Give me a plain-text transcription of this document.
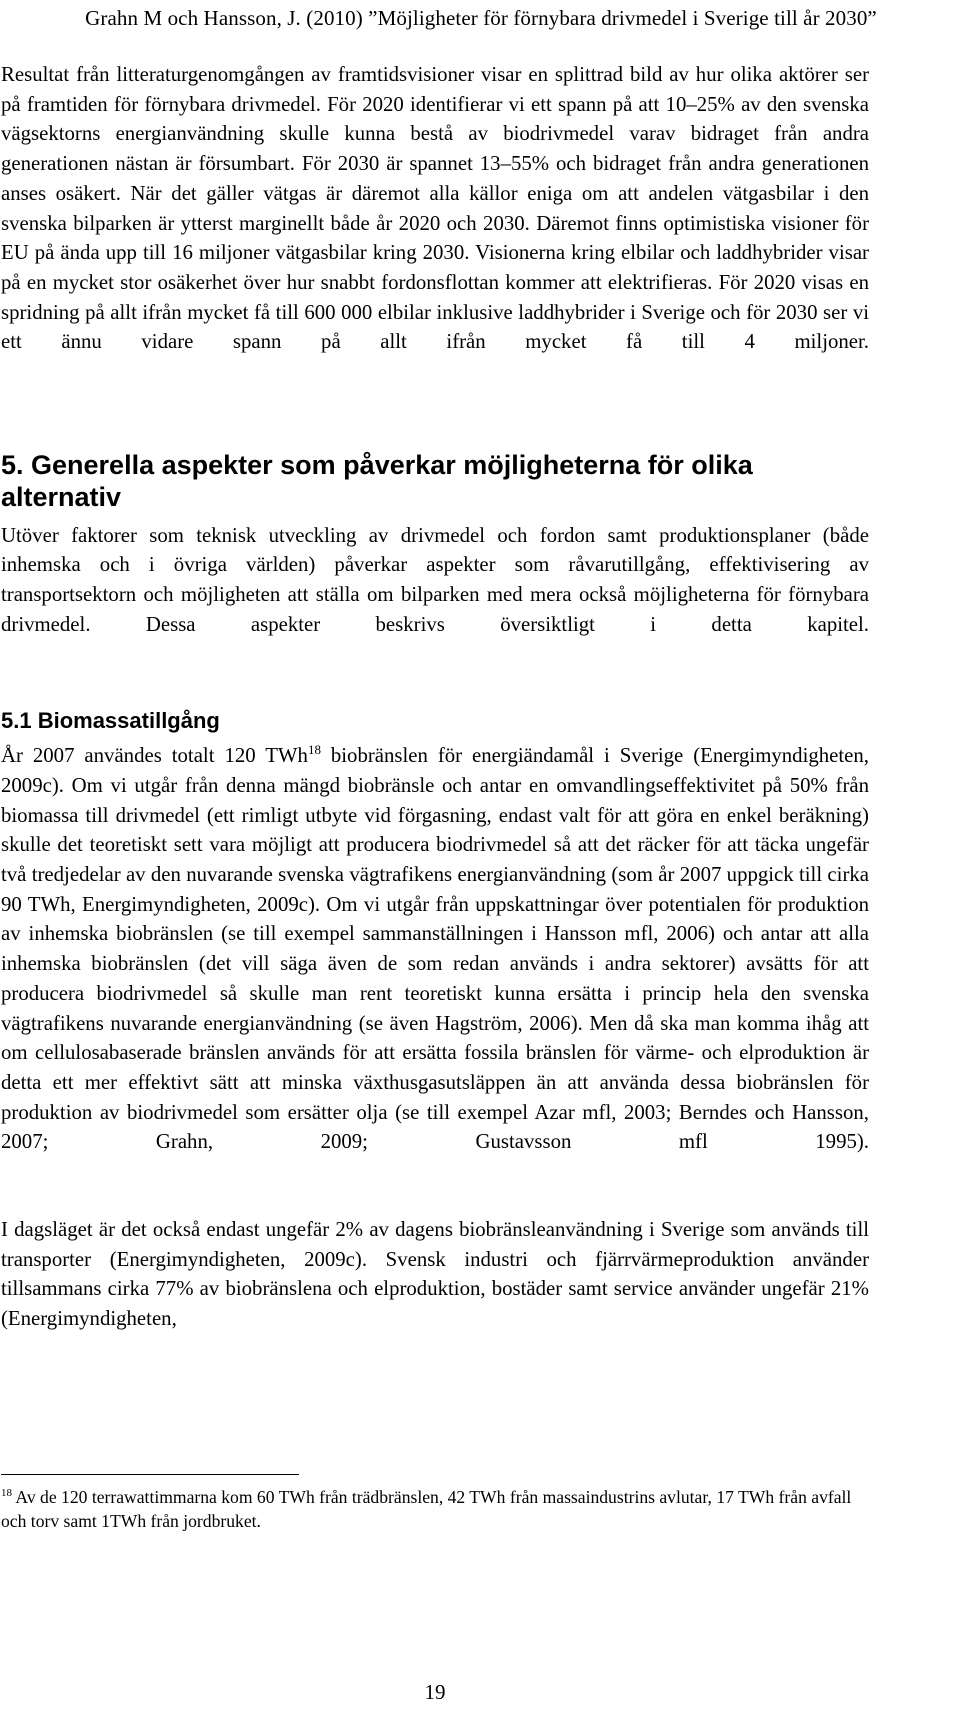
Grahn M och Hansson, J. (2010) ”Möjligheter för förnybara drivmedel i Sverige till år 2030”

Resultat från litteraturgenomgången av framtidsvisioner visar en splittrad bild av hur olika aktörer ser på framtiden för förnybara drivmedel. För 2020 identifierar vi ett spann på att 10–25% av den svenska vägsektorns energianvändning skulle kunna bestå av biodrivmedel varav bidraget från andra generationen nästan är försumbart. För 2030 är spannet 13–55% och bidraget från andra generationen anses osäkert. När det gäller vätgas är däremot alla källor eniga om att andelen vätgasbilar i den svenska bilparken är ytterst marginellt både år 2020 och 2030. Däremot finns optimistiska visioner för EU på ända upp till 16 miljoner vätgasbilar kring 2030. Visionerna kring elbilar och laddhybrider visar på en mycket stor osäkerhet över hur snabbt fordonsflottan kommer att elektrifieras. För 2020 visas en spridning på allt ifrån mycket få till 600 000 elbilar inklusive laddhybrider i Sverige och för 2030 ser vi ett ännu vidare spann på allt ifrån mycket få till 4 miljoner.

5. Generella aspekter som påverkar möjligheterna för olika alternativ

Utöver faktorer som teknisk utveckling av drivmedel och fordon samt produktionsplaner (både inhemska och i övriga världen) påverkar aspekter som råvarutillgång, effektivisering av transportsektorn och möjligheten att ställa om bilparken med mera också möjligheterna för förnybara drivmedel. Dessa aspekter beskrivs översiktligt i detta kapitel.

5.1 Biomassatillgång

År 2007 användes totalt 120 TWh$^{18}$ biobränslen för energiändamål i Sverige (Energimyndigheten, 2009c). Om vi utgår från denna mängd biobränsle och antar en omvandlingseffektivitet på 50% från biomassa till drivmedel (ett rimligt utbyte vid förgasning, endast valt för att göra en enkel beräkning) skulle det teoretiskt sett vara möjligt att producera biodrivmedel så att det räcker för att täcka ungefär två tredjedelar av den nuvarande svenska vägtrafikens energianvändning (som år 2007 uppgick till cirka 90 TWh, Energimyndigheten, 2009c). Om vi utgår från uppskattningar över potentialen för produktion av inhemska biobränslen (se till exempel sammanställningen i Hansson mfl, 2006) och antar att alla inhemska biobränslen (det vill säga även de som redan används i andra sektorer) avsätts för att producera biodrivmedel så skulle man rent teoretiskt kunna ersätta i princip hela den svenska vägtrafikens nuvarande energianvändning (se även Hagström, 2006). Men då ska man komma ihåg att om cellulosabaserade bränslen används för att ersätta fossila bränslen för värme- och elproduktion är detta ett mer effektivt sätt att minska växthusgasutsläppen än att använda dessa biobränslen för produktion av biodrivmedel som ersätter olja (se till exempel Azar mfl, 2003; Berndes och Hansson, 2007; Grahn, 2009; Gustavsson mfl 1995).

I dagsläget är det också endast ungefär 2% av dagens biobränsleanvändning i Sverige som används till transporter (Energimyndigheten, 2009c). Svensk industri och fjärrvärmeproduktion använder tillsammans cirka 77% av biobränslena och elproduktion, bostäder samt service använder ungefär 21% (Energimyndigheten,

$^{18}$ Av de 120 terrawattimmarna kom 60 TWh från trädbränslen, 42 TWh från massaindustrins avlutar, 17 TWh från avfall och torv samt 1TWh från jordbruket.

19
